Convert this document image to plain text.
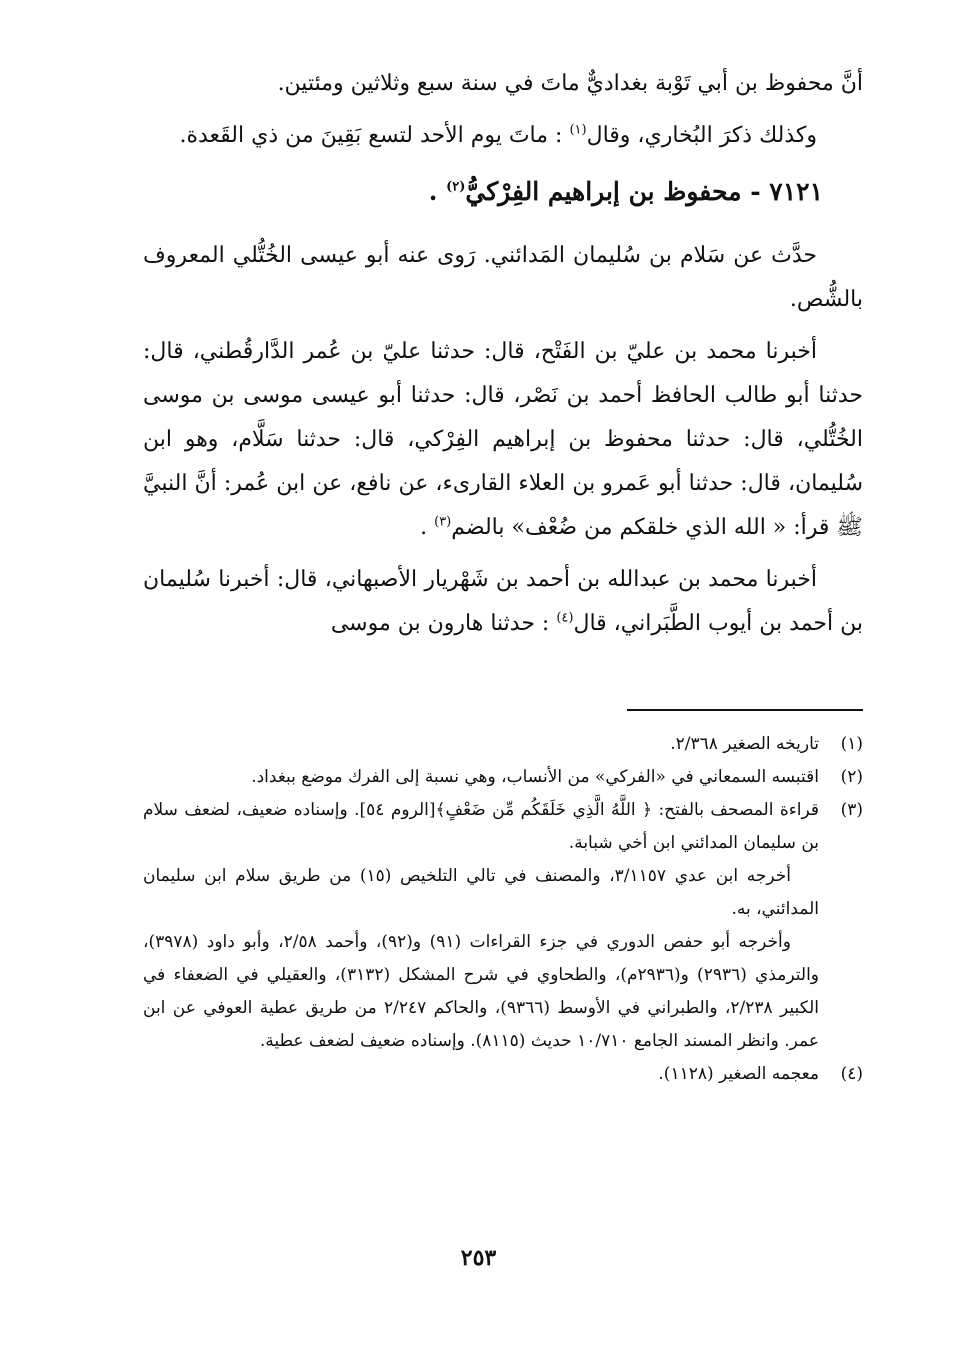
أنَّ محفوظ بن أبي تَوْبة بغداديٌّ ماتَ في سنة سبع وثلاثين ومئتين.

وكذلك ذكرَ البُخاري، وقال$^{(١)}$ : ماتَ يوم الأحد لتسع بَقِينَ من ذي القَعدة.

٧١٢١ - محفوظ بن إبراهيم الفِرْكيُّ$^{(٢)}$ .

حدَّث عن سَلام بن سُليمان المَدائني. رَوى عنه أبو عيسى الخُتُّلي المعروف بالشُّص.

أخبرنا محمد بن عليّ بن الفَتْح، قال: حدثنا عليّ بن عُمر الدَّارقُطني، قال: حدثنا أبو طالب الحافظ أحمد بن نَصْر، قال: حدثنا أبو عيسى موسى بن موسى الخُتُّلي، قال: حدثنا محفوظ بن إبراهيم الفِرْكي، قال: حدثنا سَلَّام، وهو ابن سُليمان، قال: حدثنا أبو عَمرو بن العلاء القارىء، عن نافع، عن ابن عُمر: أنَّ النبيَّ ﷺ قرأ: « الله الذي خلقكم من ضُعْف» بالضم$^{(٣)}$ .

أخبرنا محمد بن عبدالله بن أحمد بن شَهْريار الأصبهاني، قال: أخبرنا سُليمان بن أحمد بن أيوب الطَّبَراني، قال$^{(٤)}$ : حدثنا هارون بن موسى

(١)

تاريخه الصغير ٢/٣٦٨.

(٢)

اقتبسه السمعاني في «الفركي» من الأنساب، وهي نسبة إلى الفرك موضع ببغداد.

(٣)

قراءة المصحف بالفتح: ﴿ اللَّهُ الَّذِي خَلَقَكُم مِّن ضَعْفٍ﴾[الروم ٥٤]. وإسناده ضعيف، لضعف سلام بن سليمان المدائني ابن أخي شبابة.

أخرجه ابن عدي ٣/١١٥٧، والمصنف في تالي التلخيص (١٥) من طريق سلام ابن سليمان المدائني، به.

وأخرجه أبو حفص الدوري في جزء القراءات (٩١) و(٩٢)، وأحمد ٢/٥٨، وأبو داود (٣٩٧٨)، والترمذي (٢٩٣٦) و(٢٩٣٦م)، والطحاوي في شرح المشكل (٣١٣٢)، والعقيلي في الضعفاء في الكبير ٢/٢٣٨، والطبراني في الأوسط (٩٣٦٦)، والحاكم ٢/٢٤٧ من طريق عطية العوفي عن ابن عمر. وانظر المسند الجامع ١٠/٧١٠ حديث (٨١١٥). وإسناده ضعيف لضعف عطية.

(٤)

معجمه الصغير (١١٢٨).

٢٥٣
